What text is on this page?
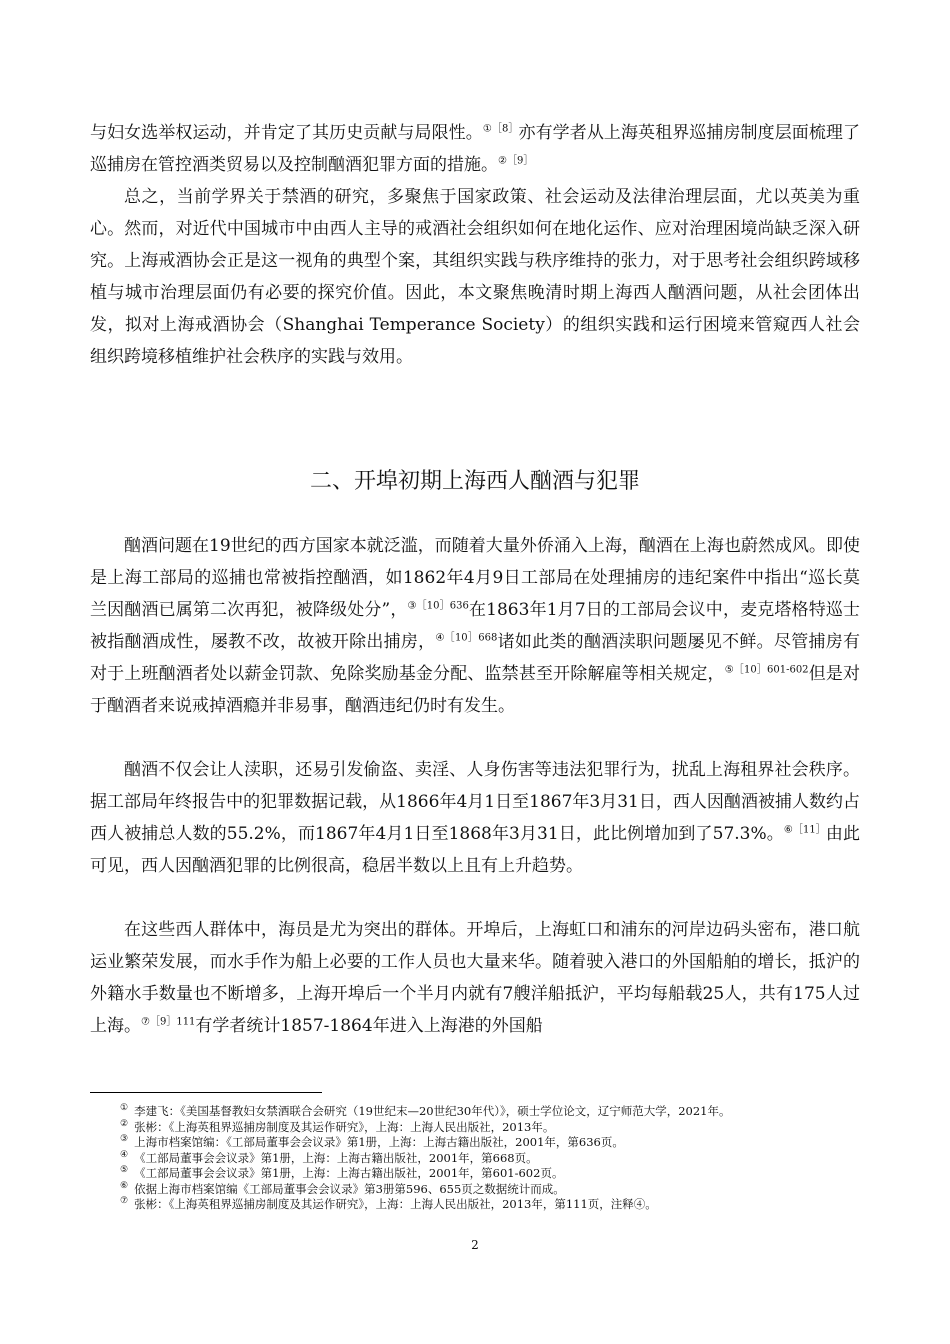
与妇女选举权运动，并肯定了其历史贡献与局限性。$^{①[8]}$亦有学者从上海英租界巡捕房制度层面梳理了巡捕房在管控酒类贸易以及控制酗酒犯罪方面的措施。$^{②[9]}$

总之，当前学界关于禁酒的研究，多聚焦于国家政策、社会运动及法律治理层面，尤以英美为重心。然而，对近代中国城市中由西人主导的戒酒社会组织如何在地化运作、应对治理困境尚缺乏深入研究。上海戒酒协会正是这一视角的典型个案，其组织实践与秩序维持的张力，对于思考社会组织跨域移植与城市治理层面仍有必要的探究价值。因此，本文聚焦晚清时期上海西人酗酒问题，从社会团体出发，拟对上海戒酒协会（Shanghai Temperance Society）的组织实践和运行困境来管窥西人社会组织跨境移植维护社会秩序的实践与效用。

二、开埠初期上海西人酗酒与犯罪

酗酒问题在19世纪的西方国家本就泛滥，而随着大量外侨涌入上海，酗酒在上海也蔚然成风。即使是上海工部局的巡捕也常被指控酗酒，如1862年4月9日工部局在处理捕房的违纪案件中指出“巡长莫兰因酗酒已属第二次再犯，被降级处分”，$^{③[10]636}$在1863年1月7日的工部局会议中，麦克塔格特巡士被指酗酒成性，屡教不改，故被开除出捕房，$^{④[10]668}$诸如此类的酗酒渎职问题屡见不鲜。尽管捕房有对于上班酗酒者处以薪金罚款、免除奖励基金分配、监禁甚至开除解雇等相关规定，$^{⑤[10]601-602}$但是对于酗酒者来说戒掉酒瘾并非易事，酗酒违纪仍时有发生。

酗酒不仅会让人渎职，还易引发偷盗、卖淫、人身伤害等违法犯罪行为，扰乱上海租界社会秩序。据工部局年终报告中的犯罪数据记载，从1866年4月1日至1867年3月31日，西人因酗酒被捕人数约占西人被捕总人数的55.2%，而1867年4月1日至1868年3月31日，此比例增加到了57.3%。$^{⑥[11]}$由此可见，西人因酗酒犯罪的比例很高，稳居半数以上且有上升趋势。

在这些西人群体中，海员是尤为突出的群体。开埠后，上海虹口和浦东的河岸边码头密布，港口航运业繁荣发展，而水手作为船上必要的工作人员也大量来华。随着驶入港口的外国船舶的增长，抵沪的外籍水手数量也不断增多，上海开埠后一个半月内就有7艘洋船抵沪，平均每船载25人，共有175人过上海。$^{⑦[9]111}$有学者统计1857-1864年进入上海港的外国船

① 李建飞：《美国基督教妇女禁酒联合会研究（19世纪末—20世纪30年代）》，硕士学位论文，辽宁师范大学，2021年。
② 张彬：《上海英租界巡捕房制度及其运作研究》，上海：上海人民出版社，2013年。
③ 上海市档案馆编：《工部局董事会会议录》第1册，上海：上海古籍出版社，2001年，第636页。
④ 《工部局董事会会议录》第1册，上海：上海古籍出版社，2001年，第668页。
⑤ 《工部局董事会会议录》第1册，上海：上海古籍出版社，2001年，第601-602页。
⑥ 依据上海市档案馆编《工部局董事会会议录》第3册第596、655页之数据统计而成。
⑦ 张彬：《上海英租界巡捕房制度及其运作研究》，上海：上海人民出版社，2013年，第111页，注释④。
2
